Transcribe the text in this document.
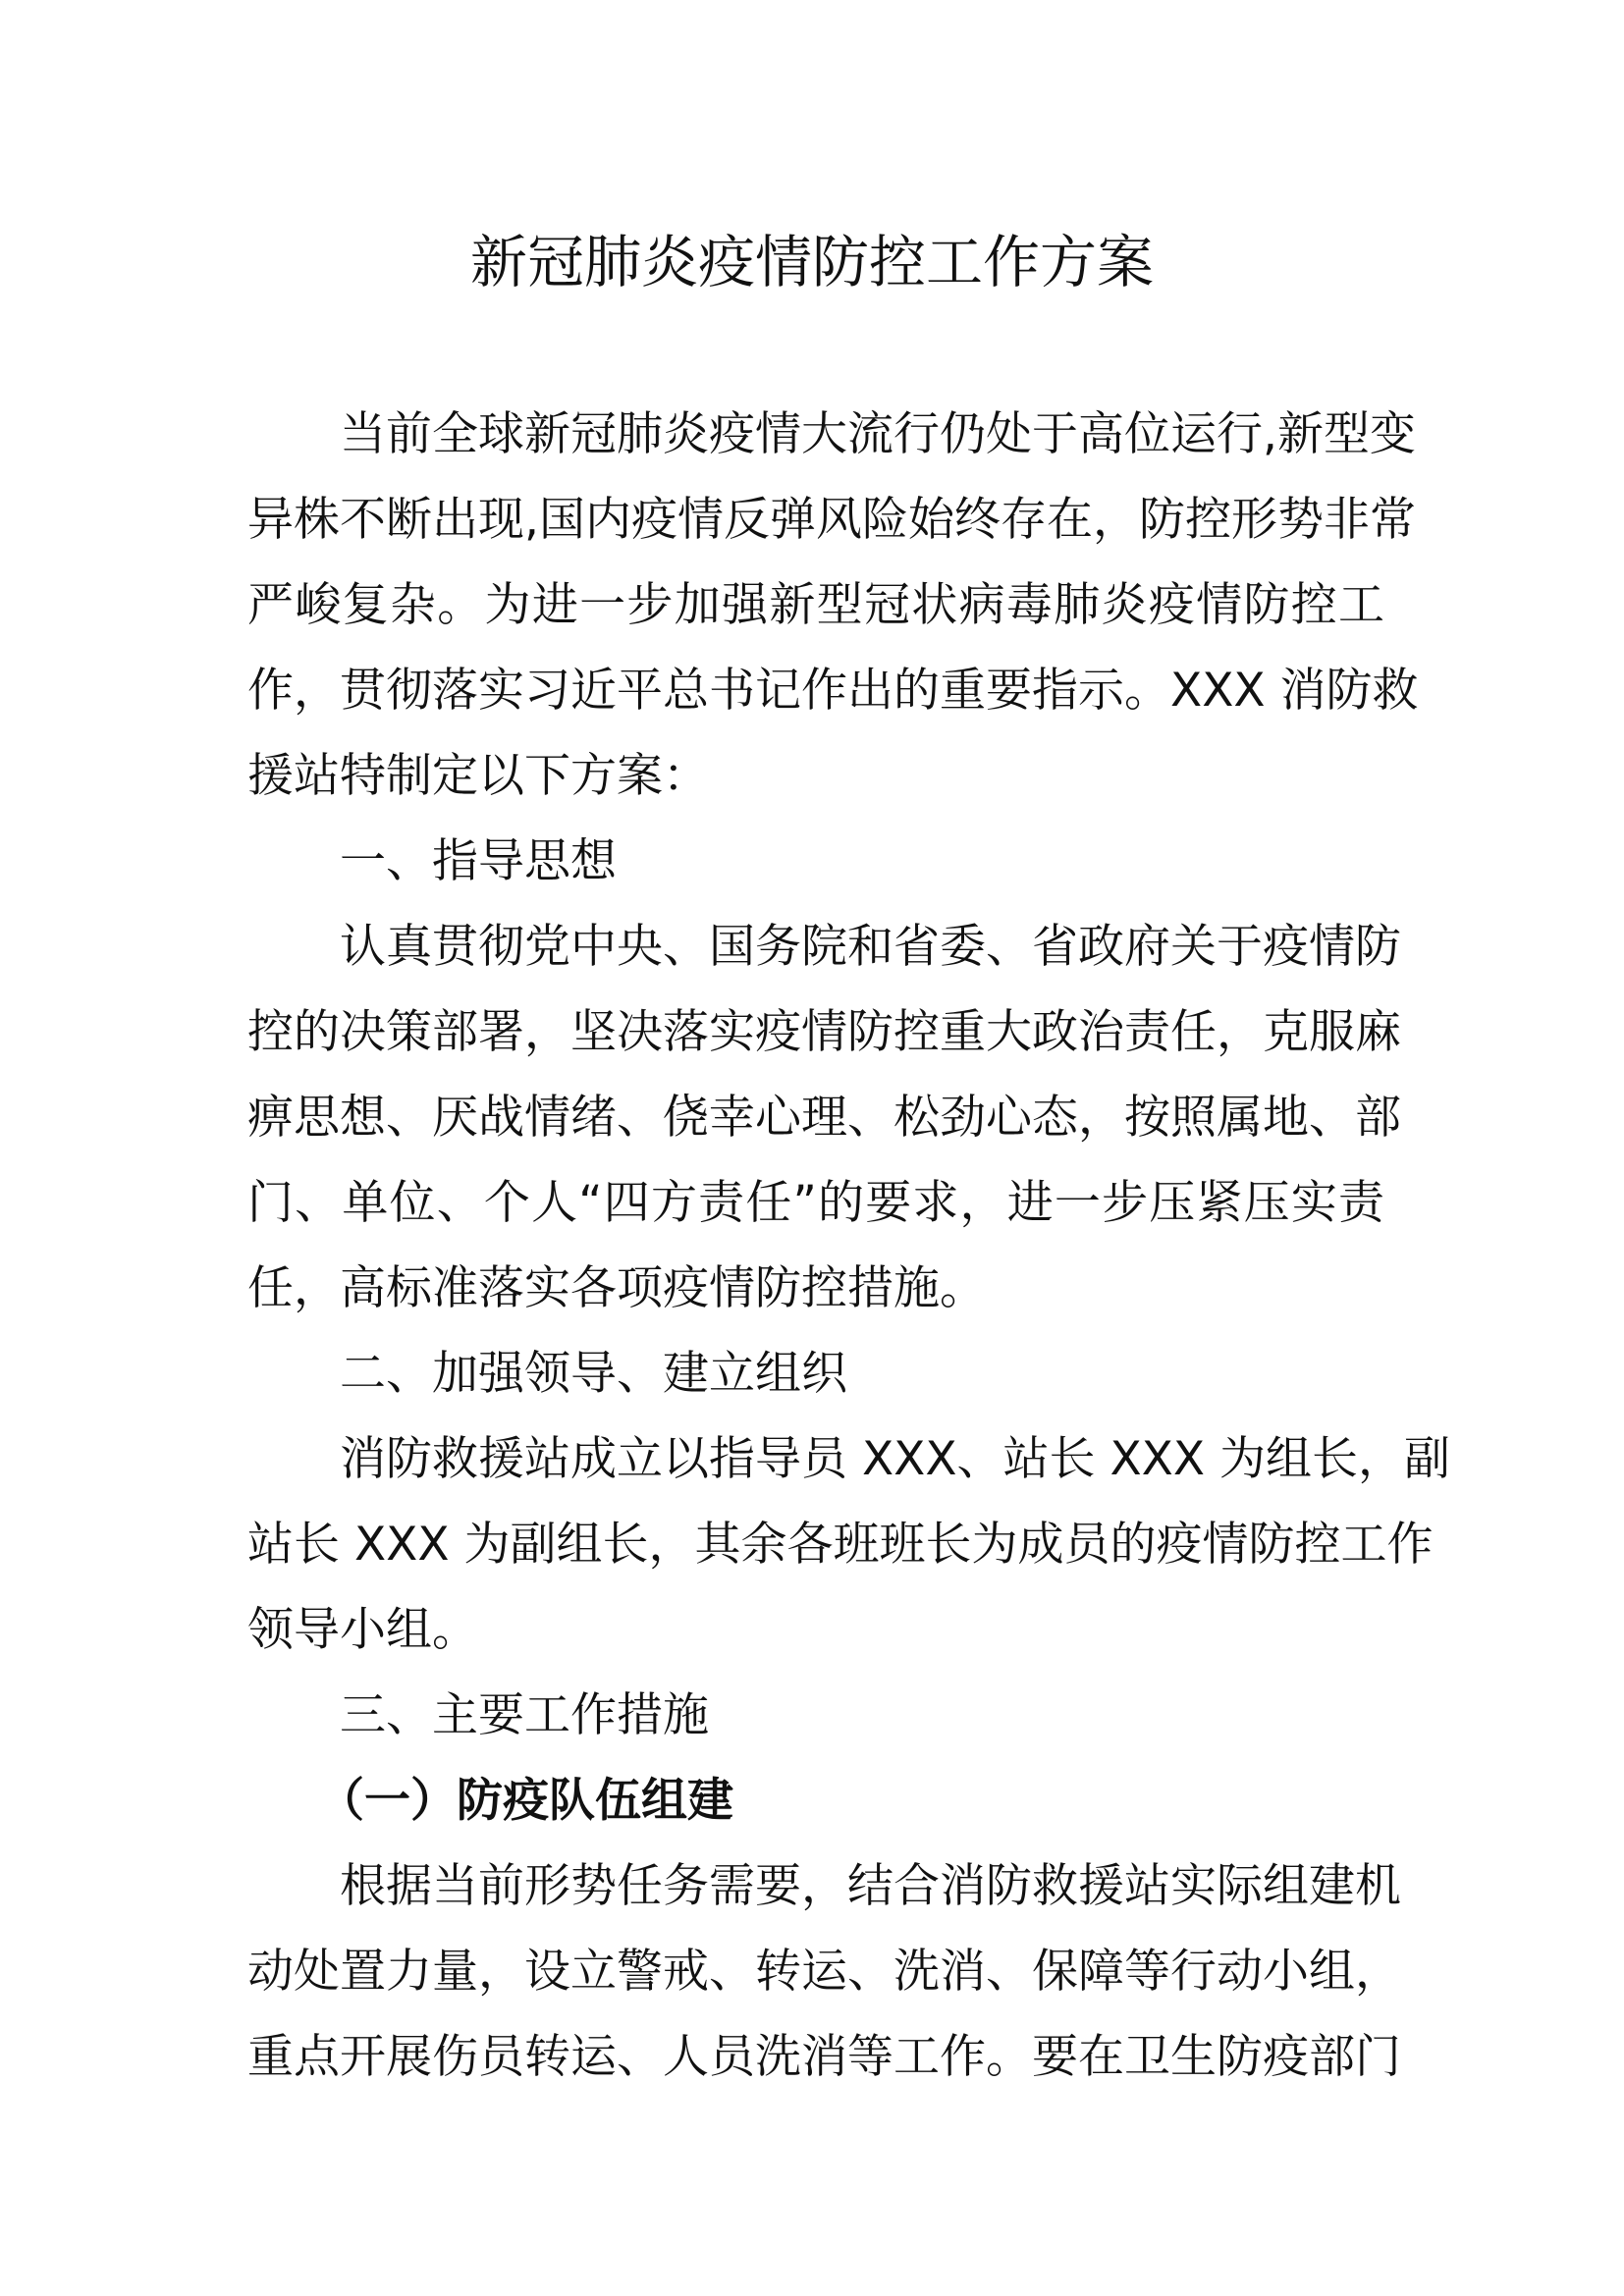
新冠肺炎疫情防控工作方案
当前全球新冠肺炎疫情大流行仍处于高位运行,新型变
异株不断出现,国内疫情反弹风险始终存在，防控形势非常
严峻复杂。为进一步加强新型冠状病毒肺炎疫情防控工
作，贯彻落实习近平总书记作出的重要指示。XXX 消防救
援站特制定以下方案：
一、指导思想
认真贯彻党中央、国务院和省委、省政府关于疫情防
控的决策部署，坚决落实疫情防控重大政治责任，克服麻
痹思想、厌战情绪、侥幸心理、松劲心态，按照属地、部
门、单位、个人“四方责任”的要求，进一步压紧压实责
任，高标准落实各项疫情防控措施。
二、加强领导、建立组织
消防救援站成立以指导员 XXX、站长 XXX 为组长，副
站长 XXX 为副组长，其余各班班长为成员的疫情防控工作
领导小组。
三、主要工作措施
（一）防疫队伍组建
根据当前形势任务需要，结合消防救援站实际组建机
动处置力量，设立警戒、转运、洗消、保障等行动小组，
重点开展伤员转运、人员洗消等工作。要在卫生防疫部门
